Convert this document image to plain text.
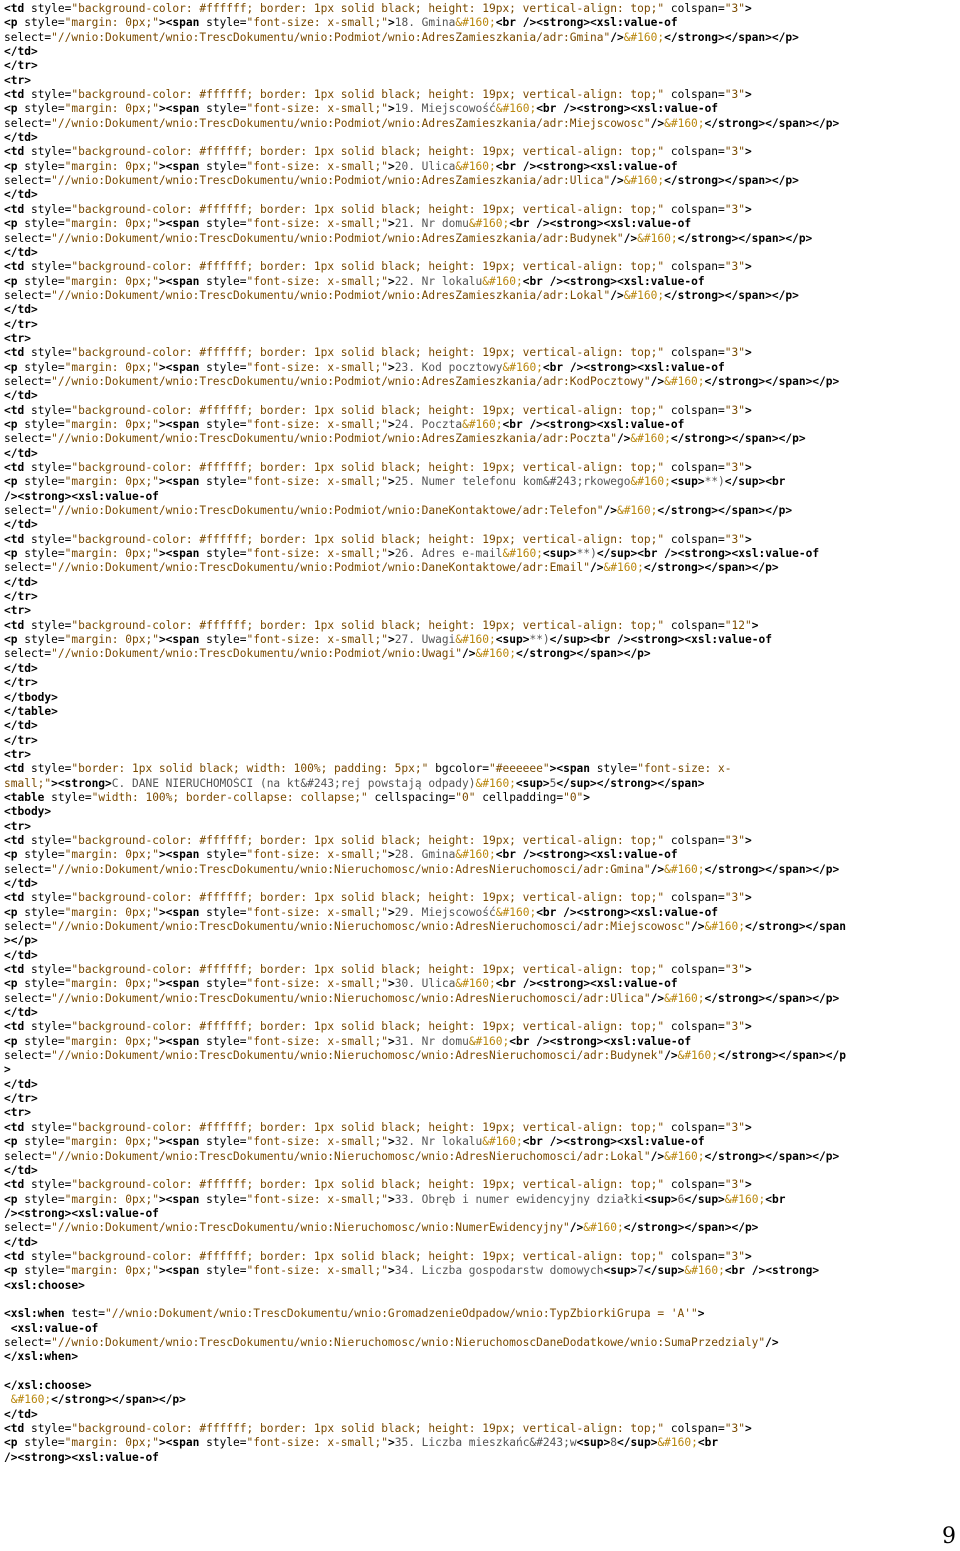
<td style="background-color: #ffffff; border: 1px solid black; height: 19px; vertical-align: top;" colspan="3">
<p style="margin: 0px;"><span style="font-size: x-small;">18. Gmina&#160;<br /><strong><xsl:value-of
select="//wnio:Dokument/wnio:TrescDokumentu/wnio:Podmiot/wnio:AdresZamieszkania/adr:Gmina"/>&#160;</strong></span></p>
</td>
</tr>
<tr>
<td style="background-color: #ffffff; border: 1px solid black; height: 19px; vertical-align: top;" colspan="3">
<p style="margin: 0px;"><span style="font-size: x-small;">19. Miejscowość&#160;<br /><strong><xsl:value-of
select="//wnio:Dokument/wnio:TrescDokumentu/wnio:Podmiot/wnio:AdresZamieszkania/adr:Miejscowosc"/>&#160;</strong></span></p>
</td>
<td style="background-color: #ffffff; border: 1px solid black; height: 19px; vertical-align: top;" colspan="3">
<p style="margin: 0px;"><span style="font-size: x-small;">20. Ulica&#160;<br /><strong><xsl:value-of
select="//wnio:Dokument/wnio:TrescDokumentu/wnio:Podmiot/wnio:AdresZamieszkania/adr:Ulica"/>&#160;</strong></span></p>
</td>
<td style="background-color: #ffffff; border: 1px solid black; height: 19px; vertical-align: top;" colspan="3">
<p style="margin: 0px;"><span style="font-size: x-small;">21. Nr domu&#160;<br /><strong><xsl:value-of
select="//wnio:Dokument/wnio:TrescDokumentu/wnio:Podmiot/wnio:AdresZamieszkania/adr:Budynek"/>&#160;</strong></span></p>
</td>
<td style="background-color: #ffffff; border: 1px solid black; height: 19px; vertical-align: top;" colspan="3">
<p style="margin: 0px;"><span style="font-size: x-small;">22. Nr lokalu&#160;<br /><strong><xsl:value-of
select="//wnio:Dokument/wnio:TrescDokumentu/wnio:Podmiot/wnio:AdresZamieszkania/adr:Lokal"/>&#160;</strong></span></p>
</td>
</tr>
<tr>
<td style="background-color: #ffffff; border: 1px solid black; height: 19px; vertical-align: top;" colspan="3">
<p style="margin: 0px;"><span style="font-size: x-small;">23. Kod pocztowy&#160;<br /><strong><xsl:value-of
select="//wnio:Dokument/wnio:TrescDokumentu/wnio:Podmiot/wnio:AdresZamieszkania/adr:KodPocztowy"/>&#160;</strong></span></p>
</td>
<td style="background-color: #ffffff; border: 1px solid black; height: 19px; vertical-align: top;" colspan="3">
<p style="margin: 0px;"><span style="font-size: x-small;">24. Poczta&#160;<br /><strong><xsl:value-of
select="//wnio:Dokument/wnio:TrescDokumentu/wnio:Podmiot/wnio:AdresZamieszkania/adr:Poczta"/>&#160;</strong></span></p>
</td>
<td style="background-color: #ffffff; border: 1px solid black; height: 19px; vertical-align: top;" colspan="3">
<p style="margin: 0px;"><span style="font-size: x-small;">25. Numer telefonu kom&#243;rkowego&#160;<sup>**)</sup><br
/><strong><xsl:value-of
select="//wnio:Dokument/wnio:TrescDokumentu/wnio:Podmiot/wnio:DaneKontaktowe/adr:Telefon"/>&#160;</strong></span></p>
</td>
<td style="background-color: #ffffff; border: 1px solid black; height: 19px; vertical-align: top;" colspan="3">
<p style="margin: 0px;"><span style="font-size: x-small;">26. Adres e-mail&#160;<sup>**)</sup><br /><strong><xsl:value-of
select="//wnio:Dokument/wnio:TrescDokumentu/wnio:Podmiot/wnio:DaneKontaktowe/adr:Email"/>&#160;</strong></span></p>
</td>
</tr>
<tr>
<td style="background-color: #ffffff; border: 1px solid black; height: 19px; vertical-align: top;" colspan="12">
<p style="margin: 0px;"><span style="font-size: x-small;">27. Uwagi&#160;<sup>**)</sup><br /><strong><xsl:value-of
select="//wnio:Dokument/wnio:TrescDokumentu/wnio:Podmiot/wnio:Uwagi"/>&#160;</strong></span></p>
</td>
</tr>
</tbody>
</table>
</td>
</tr>
<tr>
<td style="border: 1px solid black; width: 100%; padding: 5px;" bgcolor="#eeeeee"><span style="font-size: x-
small;"><strong>C. DANE NIERUCHOMOŚCI (na kt&#243;rej powstają odpady)&#160;<sup>5</sup></strong></span>
<table style="width: 100%; border-collapse: collapse;" cellspacing="0" cellpadding="0">
<tbody>
<tr>
<td style="background-color: #ffffff; border: 1px solid black; height: 19px; vertical-align: top;" colspan="3">
<p style="margin: 0px;"><span style="font-size: x-small;">28. Gmina&#160;<br /><strong><xsl:value-of
select="//wnio:Dokument/wnio:TrescDokumentu/wnio:Nieruchomosc/wnio:AdresNieruchomosci/adr:Gmina"/>&#160;</strong></span></p>
</td>
<td style="background-color: #ffffff; border: 1px solid black; height: 19px; vertical-align: top;" colspan="3">
<p style="margin: 0px;"><span style="font-size: x-small;">29. Miejscowość&#160;<br /><strong><xsl:value-of
select="//wnio:Dokument/wnio:TrescDokumentu/wnio:Nieruchomosc/wnio:AdresNieruchomosci/adr:Miejscowosc"/>&#160;</strong></span
></p>
</td>
<td style="background-color: #ffffff; border: 1px solid black; height: 19px; vertical-align: top;" colspan="3">
<p style="margin: 0px;"><span style="font-size: x-small;">30. Ulica&#160;<br /><strong><xsl:value-of
select="//wnio:Dokument/wnio:TrescDokumentu/wnio:Nieruchomosc/wnio:AdresNieruchomosci/adr:Ulica"/>&#160;</strong></span></p>
</td>
<td style="background-color: #ffffff; border: 1px solid black; height: 19px; vertical-align: top;" colspan="3">
<p style="margin: 0px;"><span style="font-size: x-small;">31. Nr domu&#160;<br /><strong><xsl:value-of
select="//wnio:Dokument/wnio:TrescDokumentu/wnio:Nieruchomosc/wnio:AdresNieruchomosci/adr:Budynek"/>&#160;</strong></span></p
>
</td>
</tr>
<tr>
<td style="background-color: #ffffff; border: 1px solid black; height: 19px; vertical-align: top;" colspan="3">
<p style="margin: 0px;"><span style="font-size: x-small;">32. Nr lokalu&#160;<br /><strong><xsl:value-of
select="//wnio:Dokument/wnio:TrescDokumentu/wnio:Nieruchomosc/wnio:AdresNieruchomosci/adr:Lokal"/>&#160;</strong></span></p>
</td>
<td style="background-color: #ffffff; border: 1px solid black; height: 19px; vertical-align: top;" colspan="3">
<p style="margin: 0px;"><span style="font-size: x-small;">33. Obręb i numer ewidencyjny działki<sup>6</sup>&#160;<br
/><strong><xsl:value-of
select="//wnio:Dokument/wnio:TrescDokumentu/wnio:Nieruchomosc/wnio:NumerEwidencyjny"/>&#160;</strong></span></p>
</td>
<td style="background-color: #ffffff; border: 1px solid black; height: 19px; vertical-align: top;" colspan="3">
<p style="margin: 0px;"><span style="font-size: x-small;">34. Liczba gospodarstw domowych<sup>7</sup>&#160;<br /><strong>
<xsl:choose>

<xsl:when test="//wnio:Dokument/wnio:TrescDokumentu/wnio:GromadzenieOdpadow/wnio:TypZbiorkiGrupa = 'A'">
<xsl:value-of
select="//wnio:Dokument/wnio:TrescDokumentu/wnio:Nieruchomosc/wnio:NieruchomoscDaneDodatkowe/wnio:SumaPrzedzialy"/>
</xsl:when>

</xsl:choose>
&#160;</strong></span></p>
</td>
<td style="background-color: #ffffff; border: 1px solid black; height: 19px; vertical-align: top;" colspan="3">
<p style="margin: 0px;"><span style="font-size: x-small;">35. Liczba mieszkańc&#243;w<sup>8</sup>&#160;<br
/><strong><xsl:value-of
9
